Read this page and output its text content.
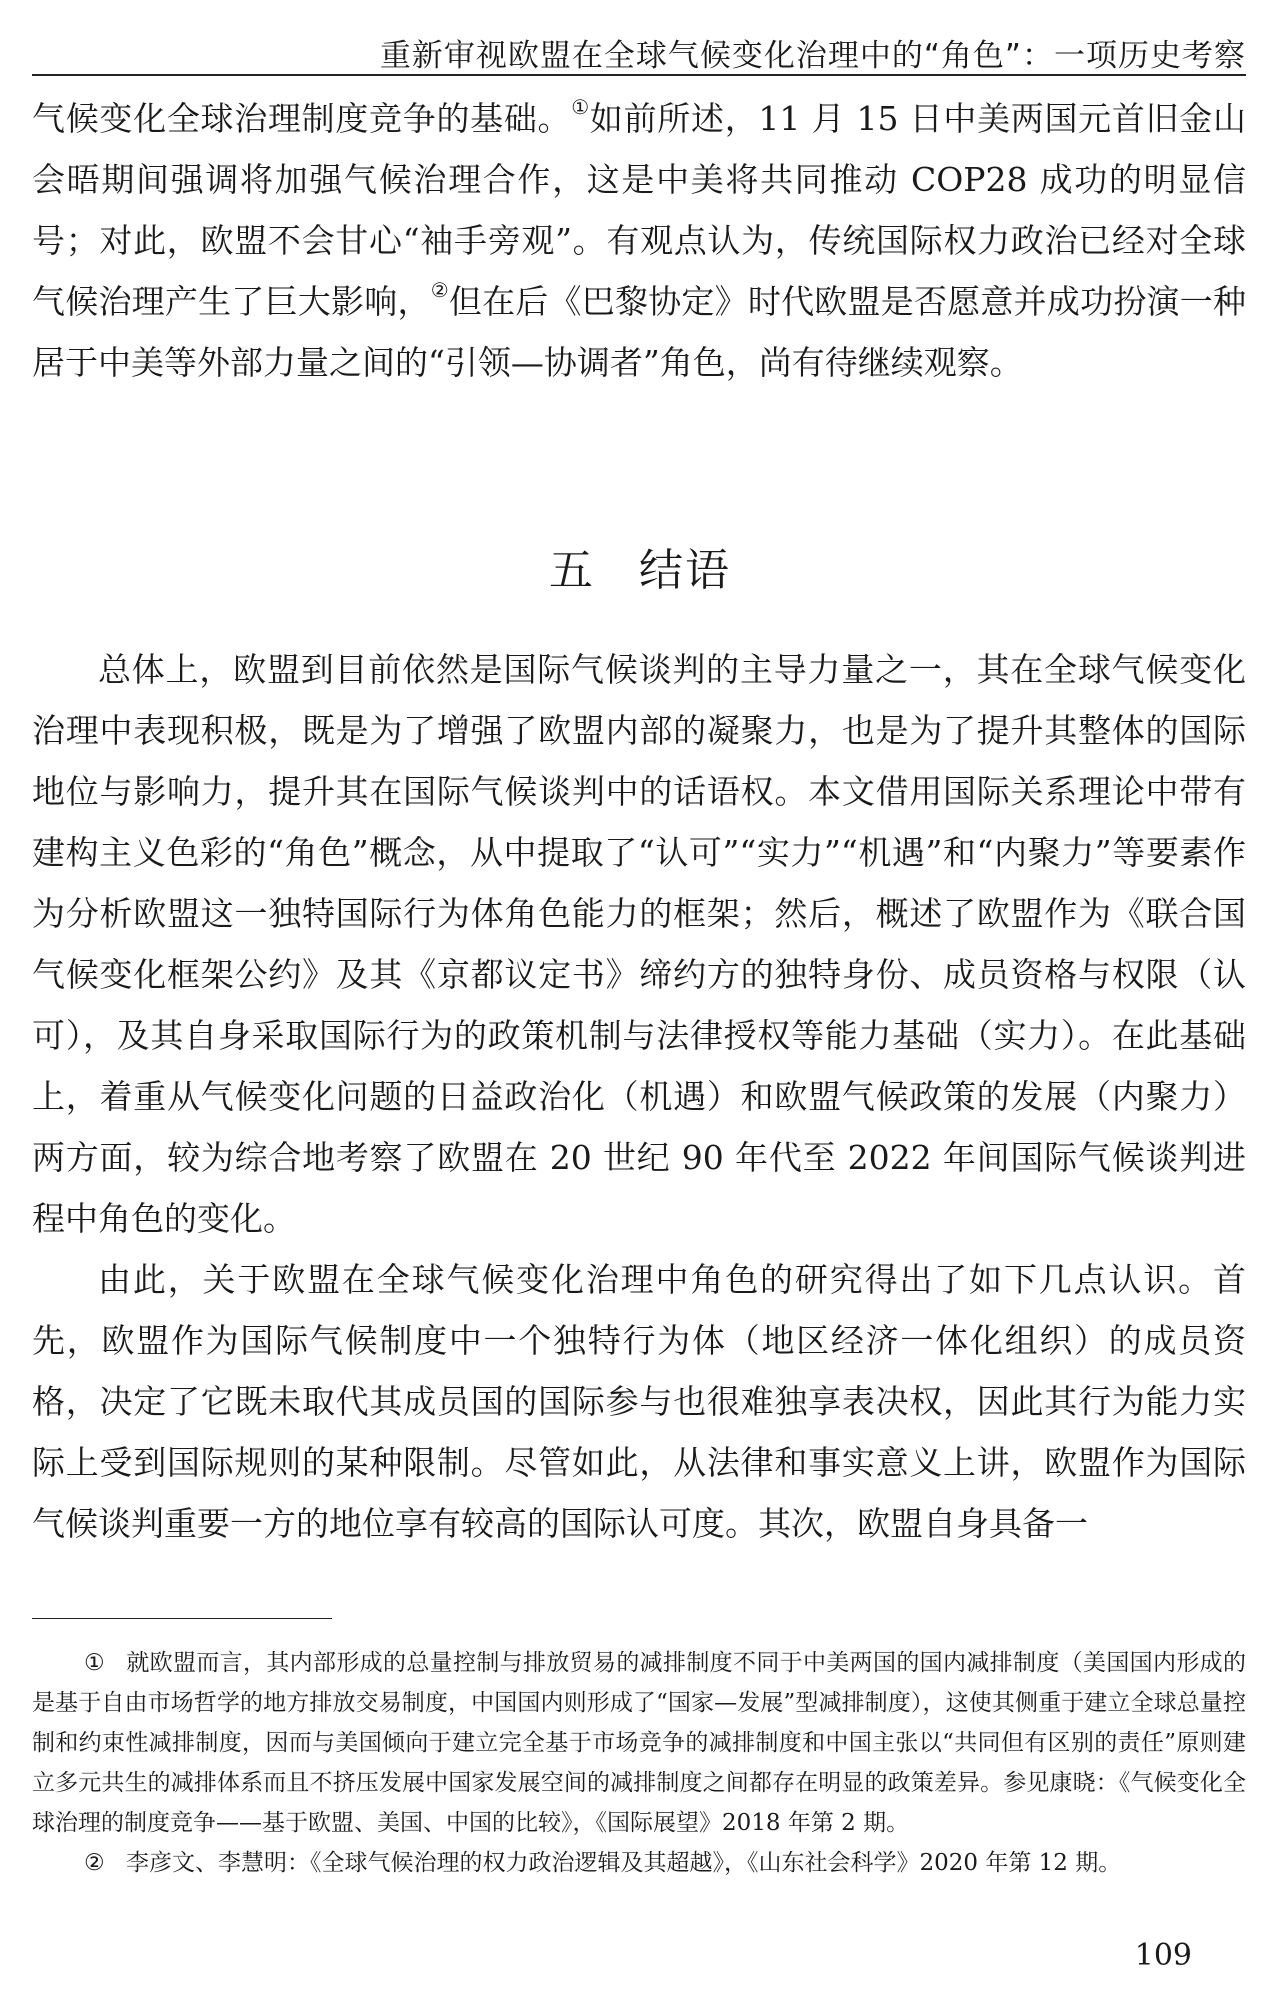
重新审视欧盟在全球气候变化治理中的“角色”：一项历史考察

气候变化全球治理制度竞争的基础。①如前所述，11 月 15 日中美两国元首旧金山会晤期间强调将加强气候治理合作，这是中美将共同推动 COP28 成功的明显信号；对此，欧盟不会甘心“袖手旁观”。有观点认为，传统国际权力政治已经对全球气候治理产生了巨大影响，②但在后《巴黎协定》时代欧盟是否愿意并成功扮演一种居于中美等外部力量之间的“引领—协调者”角色，尚有待继续观察。

五 结语

总体上，欧盟到目前依然是国际气候谈判的主导力量之一，其在全球气候变化治理中表现积极，既是为了增强了欧盟内部的凝聚力，也是为了提升其整体的国际地位与影响力，提升其在国际气候谈判中的话语权。本文借用国际关系理论中带有建构主义色彩的“角色”概念，从中提取了“认可”“实力”“机遇”和“内聚力”等要素作为分析欧盟这一独特国际行为体角色能力的框架；然后，概述了欧盟作为《联合国气候变化框架公约》及其《京都议定书》缔约方的独特身份、成员资格与权限（认可），及其自身采取国际行为的政策机制与法律授权等能力基础（实力）。在此基础上，着重从气候变化问题的日益政治化（机遇）和欧盟气候政策的发展（内聚力）两方面，较为综合地考察了欧盟在 20 世纪 90 年代至 2022 年间国际气候谈判进程中角色的变化。

由此，关于欧盟在全球气候变化治理中角色的研究得出了如下几点认识。首先，欧盟作为国际气候制度中一个独特行为体（地区经济一体化组织）的成员资格，决定了它既未取代其成员国的国际参与也很难独享表决权，因此其行为能力实际上受到国际规则的某种限制。尽管如此，从法律和事实意义上讲，欧盟作为国际气候谈判重要一方的地位享有较高的国际认可度。其次，欧盟自身具备一

① 就欧盟而言，其内部形成的总量控制与排放贸易的减排制度不同于中美两国的国内减排制度（美国国内形成的是基于自由市场哲学的地方排放交易制度，中国国内则形成了“国家—发展”型减排制度），这使其侧重于建立全球总量控制和约束性减排制度，因而与美国倾向于建立完全基于市场竞争的减排制度和中国主张以“共同但有区别的责任”原则建立多元共生的减排体系而且不挤压发展中国家发展空间的减排制度之间都存在明显的政策差异。参见康晓：《气候变化全球治理的制度竞争——基于欧盟、美国、中国的比较》，《国际展望》2018 年第 2 期。

② 李彦文、李慧明：《全球气候治理的权力政治逻辑及其超越》，《山东社会科学》2020 年第 12 期。

109
